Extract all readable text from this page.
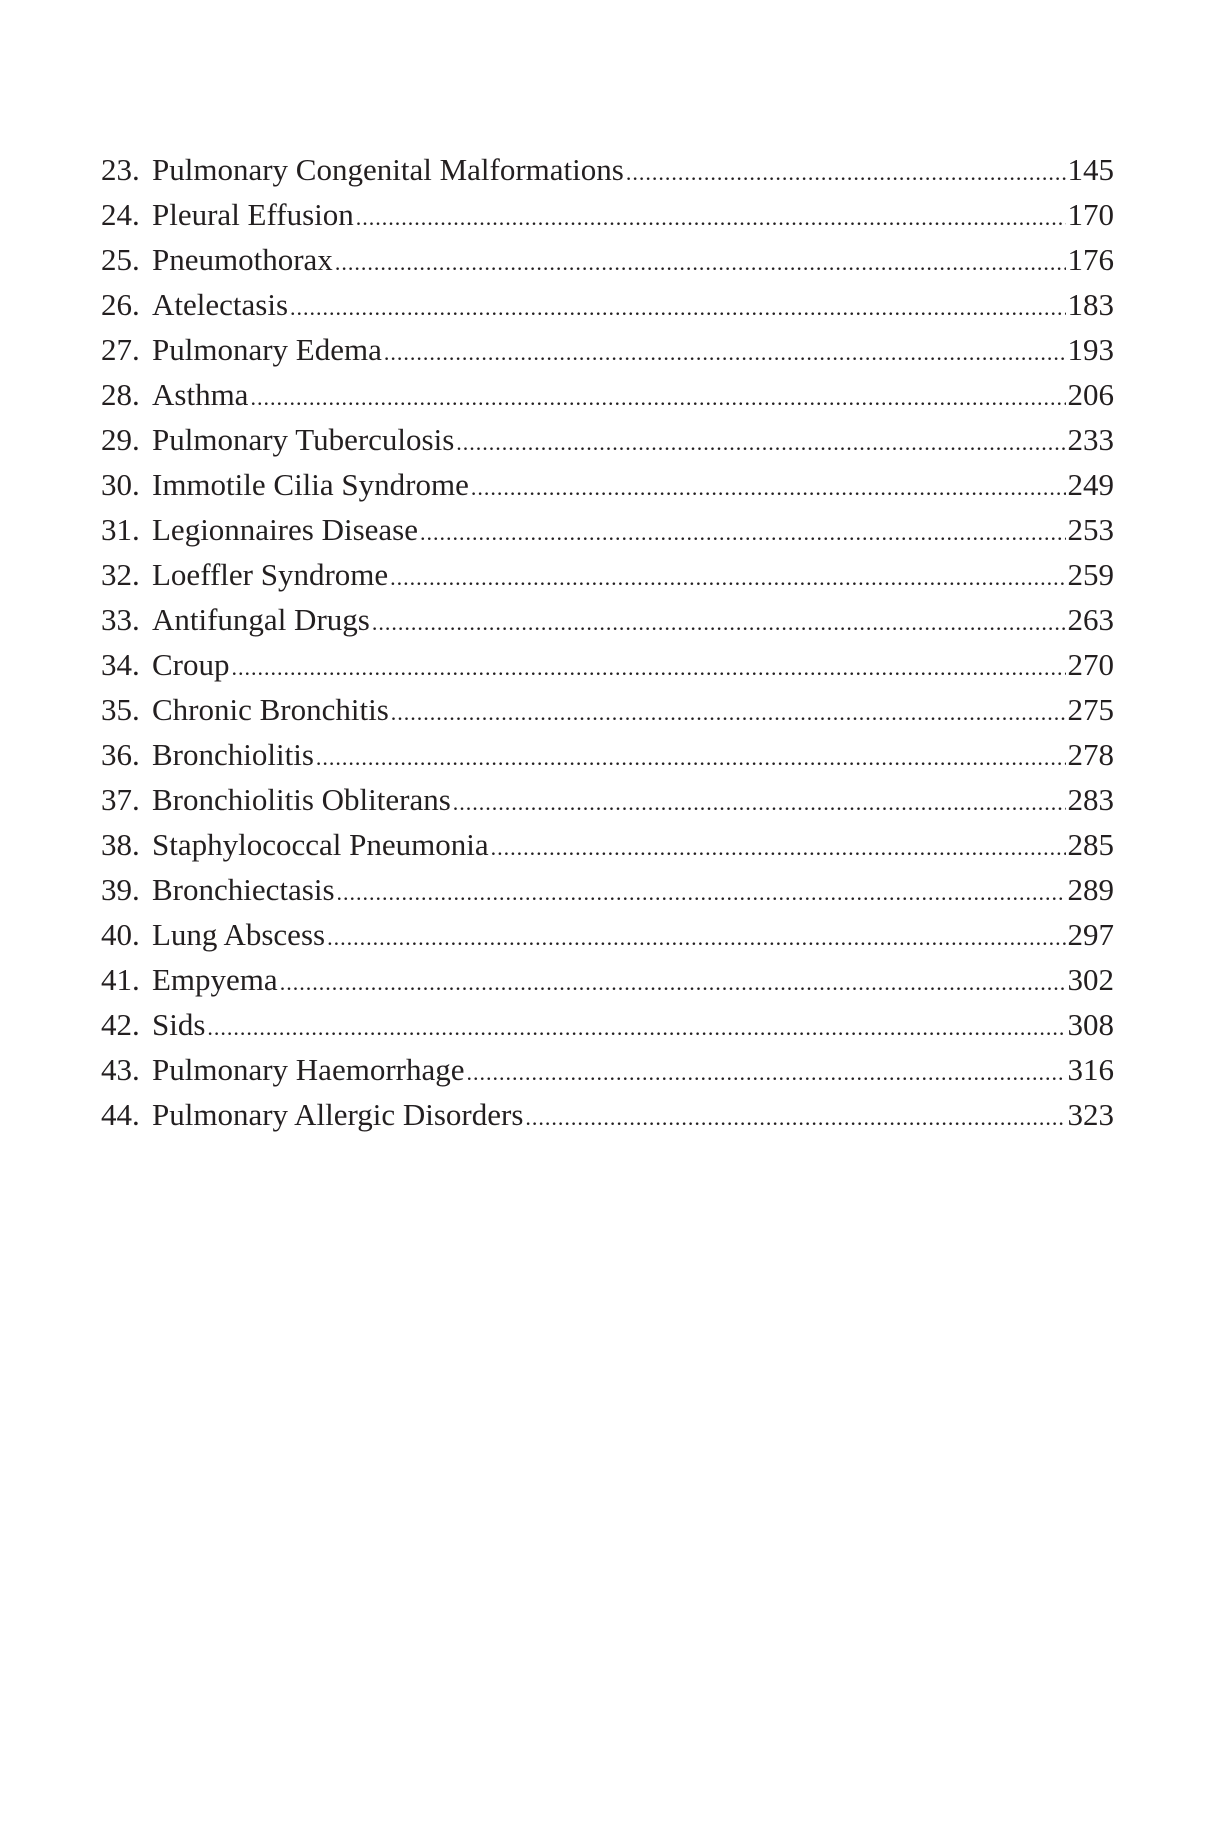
23. Pulmonary Congenital Malformations .....	145
24. Pleural Effusion .....	170
25. Pneumothorax .....	176
26. Atelectasis .....	183
27. Pulmonary Edema .....	193
28. Asthma .....	206
29. Pulmonary Tuberculosis .....	233
30. Immotile Cilia Syndrome .....	249
31. Legionnaires Disease .....	253
32. Loeffler Syndrome .....	259
33. Antifungal Drugs .....	263
34. Croup .....	270
35. Chronic Bronchitis .....	275
36. Bronchiolitis .....	278
37. Bronchiolitis Obliterans .....	283
38. Staphylococcal Pneumonia .....	285
39. Bronchiectasis .....	289
40. Lung Abscess .....	297
41. Empyema .....	302
42. Sids .....	308
43. Pulmonary Haemorrhage .....	316
44. Pulmonary Allergic Disorders .....	323
